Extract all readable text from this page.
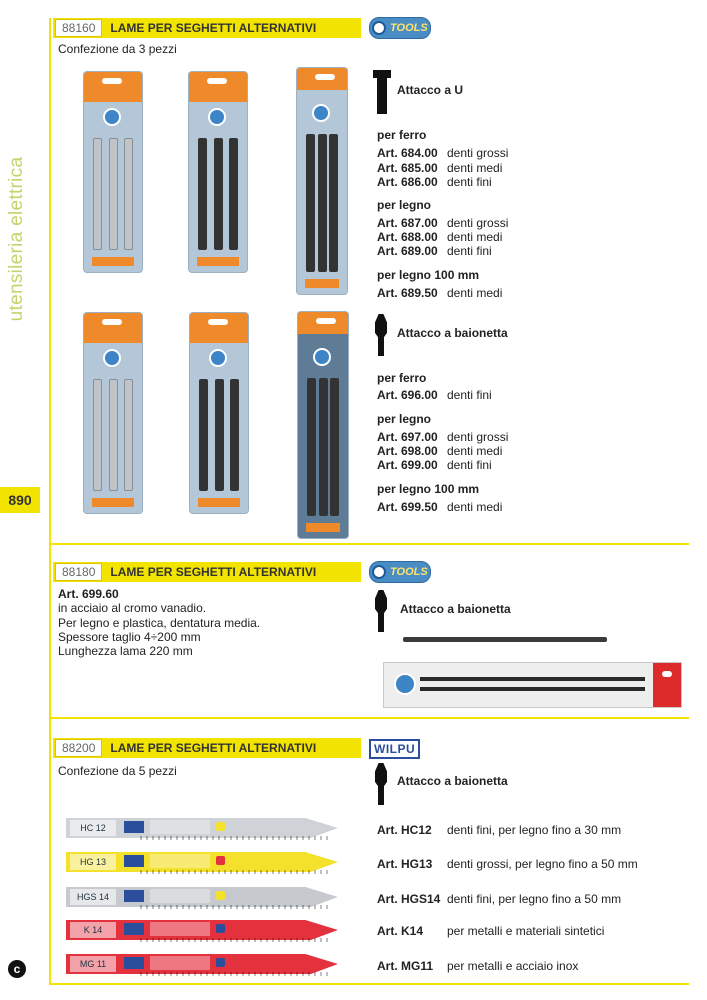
utensileria elettrica
890
c
88160	LAME PER SEGHETTI ALTERNATIVI	TOOLS
Confezione da 3 pezzi
Attacco a U
per ferro
Art. 684.00 denti grossi
Art. 685.00 denti medi
Art. 686.00 denti fini
per legno
Art. 687.00 denti grossi
Art. 688.00 denti medi
Art. 689.00 denti fini
per legno 100 mm
Art. 689.50 denti medi
Attacco a baionetta
per ferro
Art. 696.00 denti fini
per legno
Art. 697.00 denti grossi
Art. 698.00 denti medi
Art. 699.00 denti fini
per legno 100 mm
Art. 699.50 denti medi
88180	LAME PER SEGHETTI ALTERNATIVI	TOOLS
Art. 699.60
in acciaio al cromo vanadio.
Per legno e plastica, dentatura media.
Spessore taglio 4÷200 mm
Lunghezza lama 220 mm
Attacco a baionetta
88200	LAME PER SEGHETTI ALTERNATIVI	WILPU
Confezione da 5 pezzi
Attacco a baionetta
HC 12
HG 13
HGS 14
K 14
MG 11
Art. HC12 denti fini, per legno fino a 30 mm
Art. HG13 denti grossi, per legno fino a 50 mm
Art. HGS14 denti fini, per legno fino a 50 mm
Art. K14 per metalli e materiali sintetici
Art. MG11 per metalli e acciaio inox
